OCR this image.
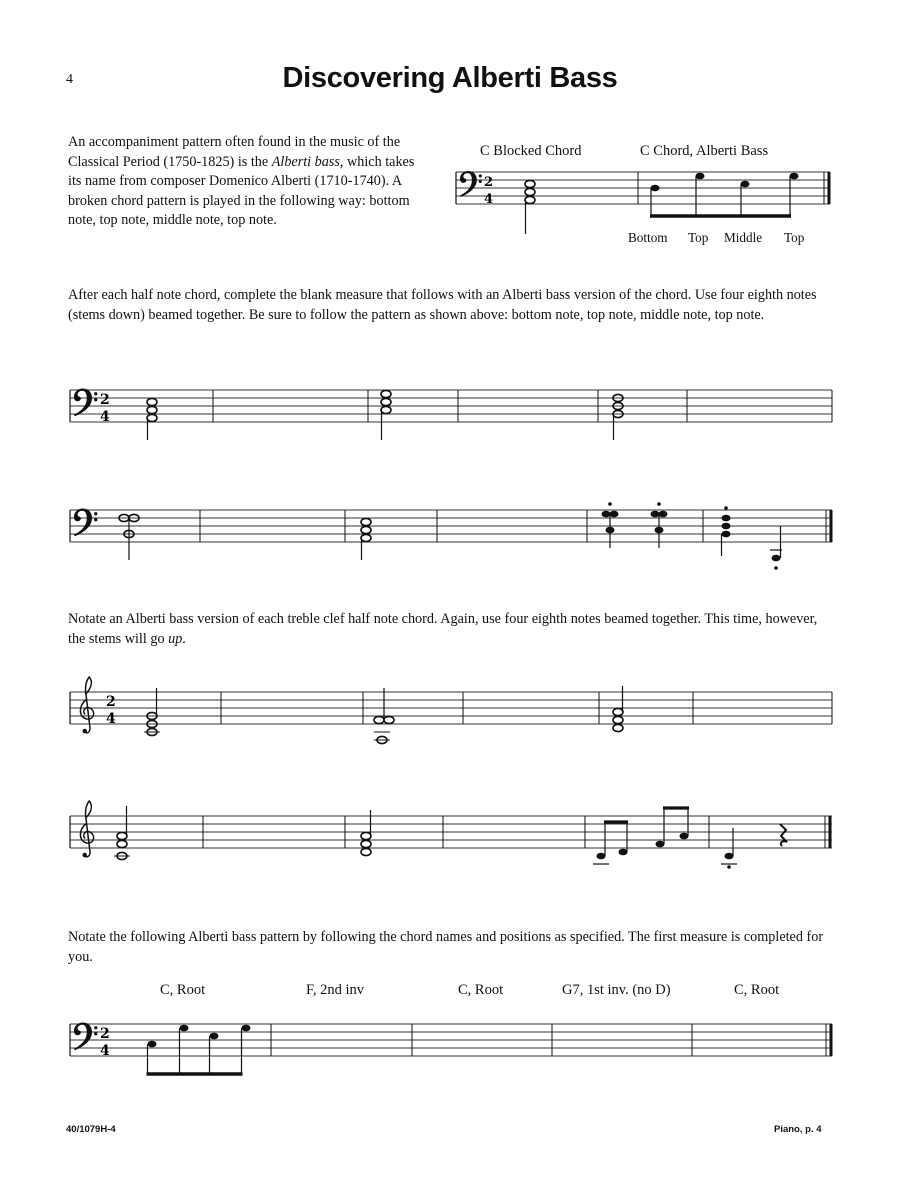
4	Discovering Alberti Bass
An accompaniment pattern often found in the music of the Classical Period (1750-1825) is the Alberti bass, which takes its name from composer Domenico Alberti (1710-1740). A broken chord pattern is played in the following way: bottom note, top note, middle note, top note.
C Blocked Chord	C Chord, Alberti Bass
Bottom Top Middle Top
After each half note chord, complete the blank measure that follows with an Alberti bass version of the chord. Use four eighth notes (stems down) beamed together. Be sure to follow the pattern as shown above: bottom note, top note, middle note, top note.
Notate an Alberti bass version of each treble clef half note chord. Again, use four eighth notes beamed together. This time, however, the stems will go up.
Notate the following Alberti bass pattern by following the chord names and positions as specified. The first measure is completed for you.
C, Root	F, 2nd inv	C, Root	G7, 1st inv. (no D)	C, Root
2
4
2
4
2
4
2
4
40/1079H-4	Piano, p. 4
